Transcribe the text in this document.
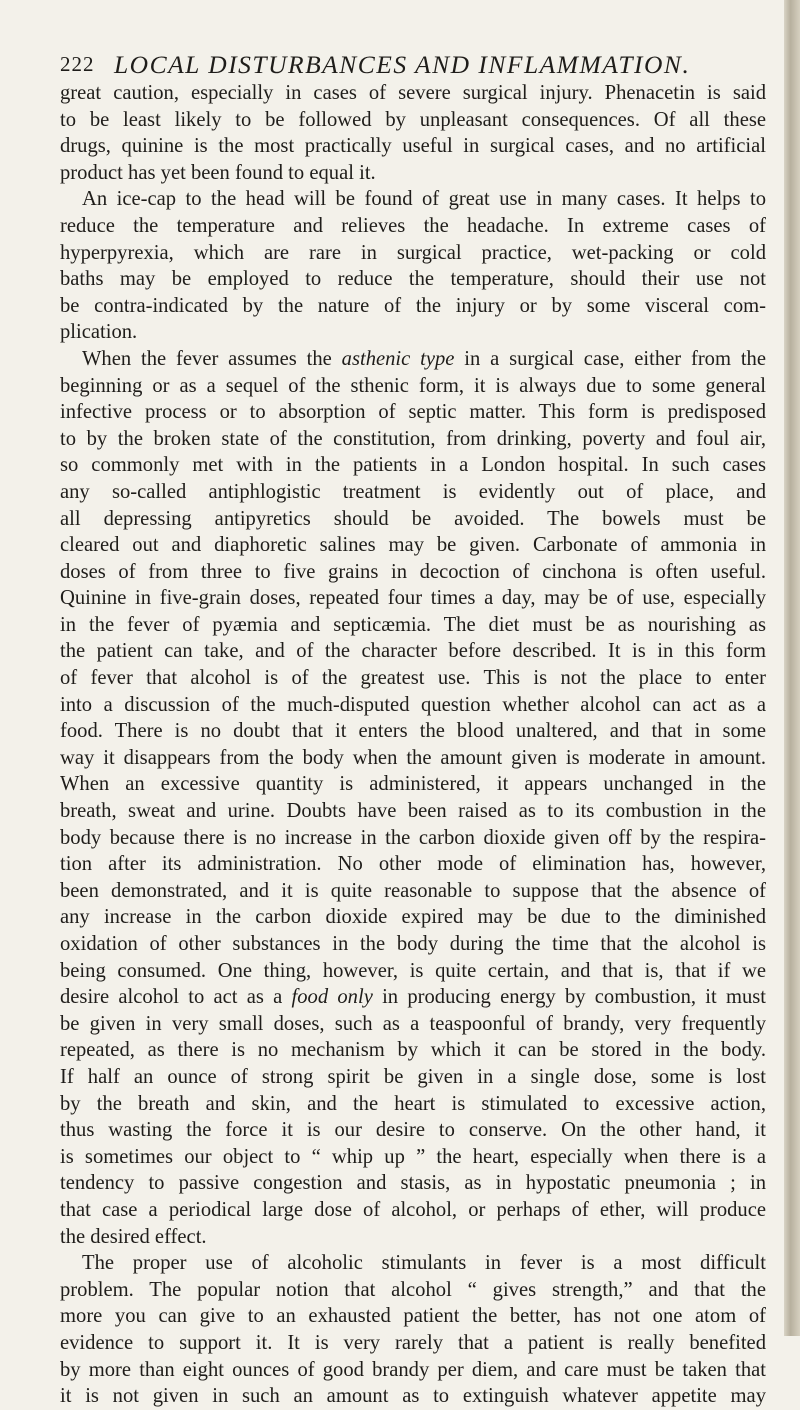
222 LOCAL DISTURBANCES AND INFLAMMATION.
great caution, especially in cases of severe surgical injury. Phenacetin is said
to be least likely to be followed by unpleasant consequences. Of all these
drugs, quinine is the most practically useful in surgical cases, and no artificial
product has yet been found to equal it.
An ice-cap to the head will be found of great use in many cases. It helps to
reduce the temperature and relieves the headache. In extreme cases of
hyperpyrexia, which are rare in surgical practice, wet-packing or cold
baths may be employed to reduce the temperature, should their use not
be contra-indicated by the nature of the injury or by some visceral com-
plication.
When the fever assumes the asthenic type in a surgical case, either from the
beginning or as a sequel of the sthenic form, it is always due to some general
infective process or to absorption of septic matter. This form is predisposed
to by the broken state of the constitution, from drinking, poverty and foul air,
so commonly met with in the patients in a London hospital. In such cases
any so-called antiphlogistic treatment is evidently out of place, and
all depressing antipyretics should be avoided. The bowels must be
cleared out and diaphoretic salines may be given. Carbonate of ammonia in
doses of from three to five grains in decoction of cinchona is often useful.
Quinine in five-grain doses, repeated four times a day, may be of use, especially
in the fever of pyæmia and septicæmia. The diet must be as nourishing as
the patient can take, and of the character before described. It is in this form
of fever that alcohol is of the greatest use. This is not the place to enter
into a discussion of the much-disputed question whether alcohol can act as a
food. There is no doubt that it enters the blood unaltered, and that in some
way it disappears from the body when the amount given is moderate in amount.
When an excessive quantity is administered, it appears unchanged in the
breath, sweat and urine. Doubts have been raised as to its combustion in the
body because there is no increase in the carbon dioxide given off by the respira-
tion after its administration. No other mode of elimination has, however,
been demonstrated, and it is quite reasonable to suppose that the absence of
any increase in the carbon dioxide expired may be due to the diminished
oxidation of other substances in the body during the time that the alcohol is
being consumed. One thing, however, is quite certain, and that is, that if we
desire alcohol to act as a food only in producing energy by combustion, it must
be given in very small doses, such as a teaspoonful of brandy, very frequently
repeated, as there is no mechanism by which it can be stored in the body.
If half an ounce of strong spirit be given in a single dose, some is lost
by the breath and skin, and the heart is stimulated to excessive action,
thus wasting the force it is our desire to conserve. On the other hand, it
is sometimes our object to “ whip up ” the heart, especially when there is a
tendency to passive congestion and stasis, as in hypostatic pneumonia ; in
that case a periodical large dose of alcohol, or perhaps of ether, will produce
the desired effect.
The proper use of alcoholic stimulants in fever is a most difficult
problem. The popular notion that alcohol “ gives strength,” and that the
more you can give to an exhausted patient the better, has not one atom of
evidence to support it. It is very rarely that a patient is really benefited
by more than eight ounces of good brandy per diem, and care must be taken that
it is not given in such an amount as to extinguish whatever appetite may
